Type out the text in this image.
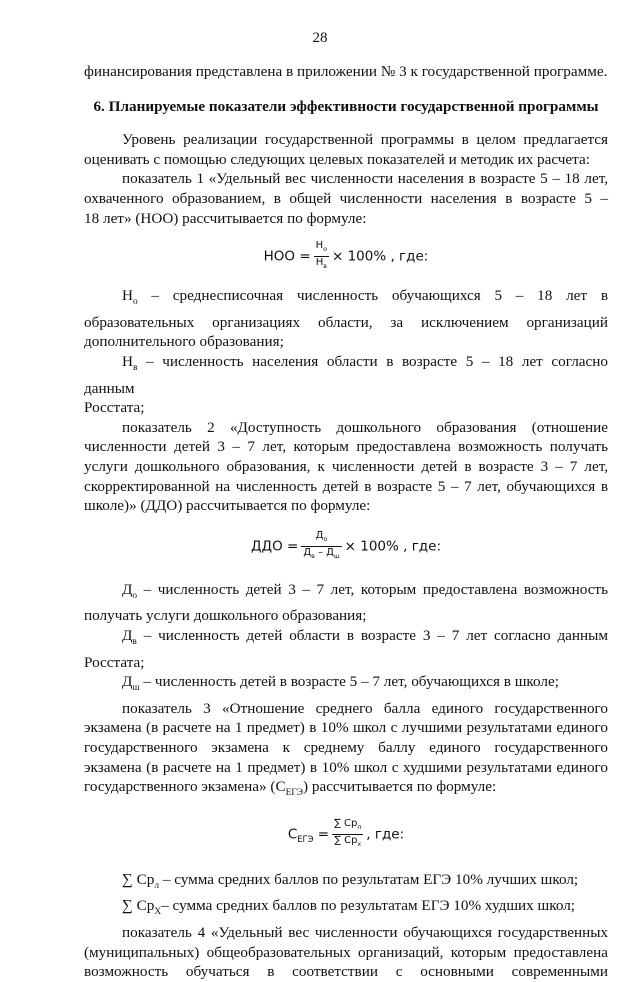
28

финансирования представлена в приложении № 3 к государственной программе.

6. Планируемые показатели эффективности государственной программы

Уровень реализации государственной программы в целом предлагается

оценивать с помощью следующих целевых показателей и методик их расчета:

показатель 1 «Удельный вес численности населения в возрасте 5 – 18 лет,

охваченного образованием, в общей численности населения в возрасте 5 –

18 лет» (НОО) рассчитывается по формуле:

НОО = $\frac{Н_о}{Н_в} \times 100\%$ , где:

$Н_о$ – среднесписочная численность обучающихся 5 – 18 лет в

образовательных организациях области, за исключением организаций

дополнительного образования;

$Н_в$ – численность населения области в возрасте 5 – 18 лет согласно данным

Росстата;

показатель 2 «Доступность дошкольного образования (отношение

численности детей 3 – 7 лет, которым предоставлена возможность получать

услуги дошкольного образования, к численности детей в возрасте 3 – 7 лет,

скорректированной на численность детей в возрасте 5 – 7 лет, обучающихся в

школе)» (ДДО) рассчитывается по формуле:

ДДО = $\frac{Д_о}{Д_в - Д_ш} \times 100\%$ , где:

$Д_о$ – численность детей 3 – 7 лет, которым предоставлена возможность

получать услуги дошкольного образования;

$Д_в$ – численность детей области в возрасте 3 – 7 лет согласно данным

Росстата;

$Д_ш$ – численность детей в возрасте 5 – 7 лет, обучающихся в школе;

показатель 3 «Отношение среднего балла единого государственного

экзамена (в расчете на 1 предмет) в 10% школ с лучшими результатами единого

государственного экзамена к среднему баллу единого государственного

экзамена (в расчете на 1 предмет) в 10% школ с худшими результатами единого

государственного экзамена» $(С_{ЕГЭ})$ рассчитывается по формуле:

$С_{ЕГЭ} = \frac{\sum Ср_л}{\sum Ср_х}$ , где:

∑ $Ср_л$ – сумма средних баллов по результатам ЕГЭ 10% лучших школ;

∑ $Ср_Х-$ сумма средних баллов по результатам ЕГЭ 10% худших школ;

показатель 4 «Удельный вес численности обучающихся государственных

(муниципальных) общеобразовательных организаций, которым предоставлена

возможность обучаться в соответствии с основными современными
